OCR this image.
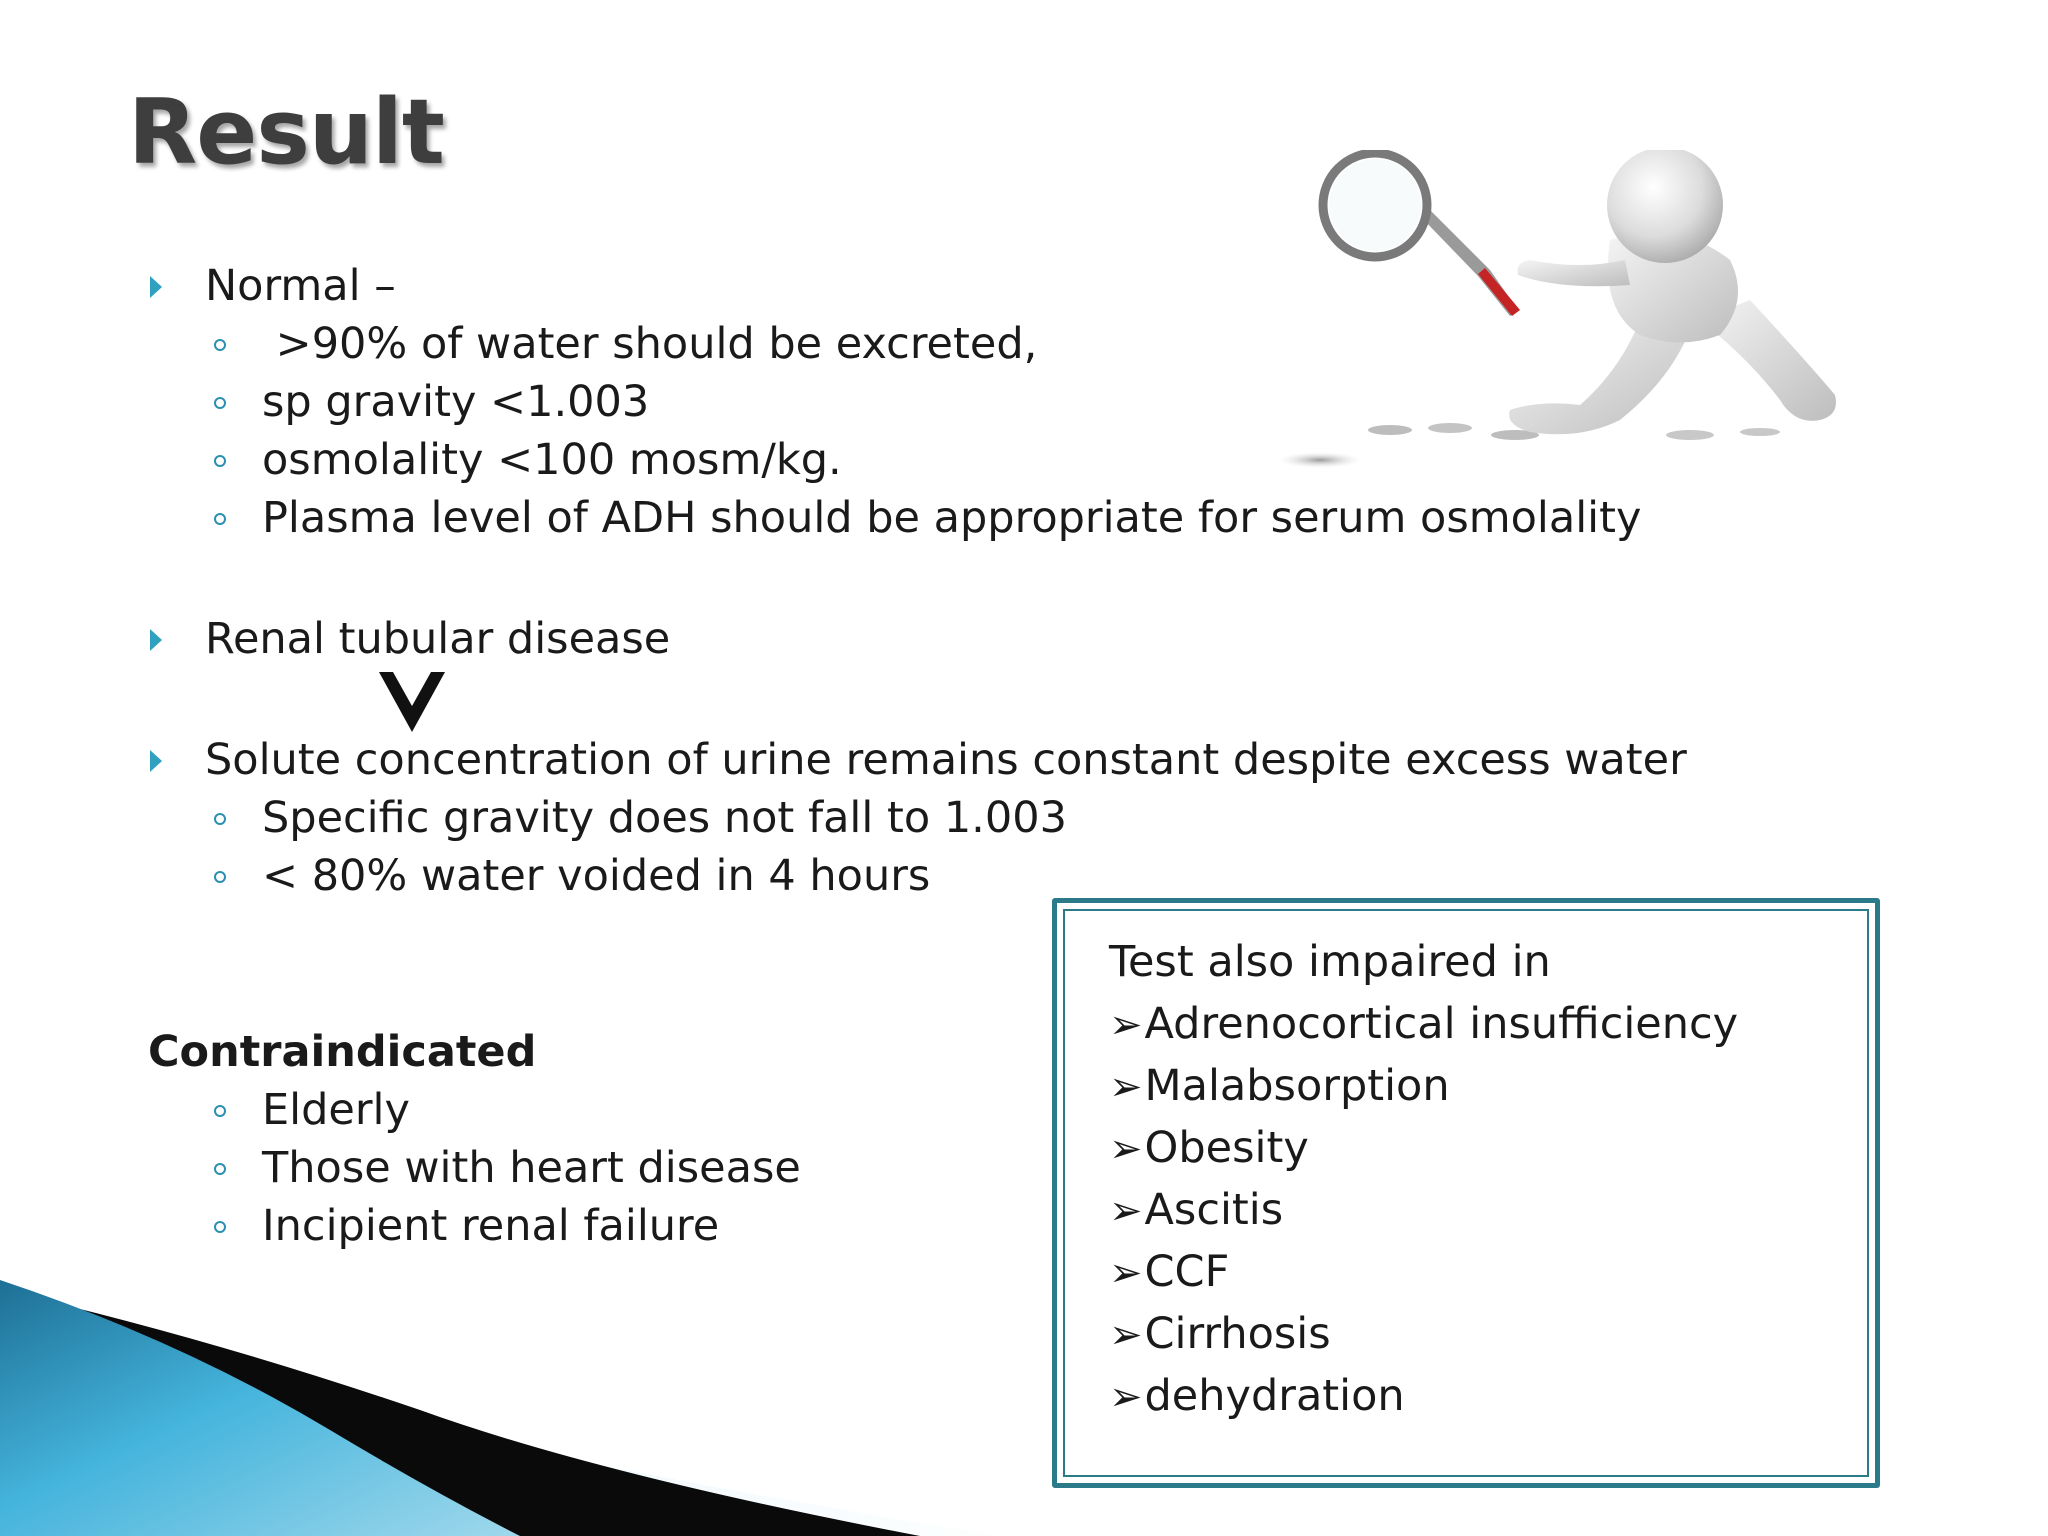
Result
Normal –
>90% of water should be excreted,
sp gravity <1.003
osmolality <100 mosm/kg.
Plasma level of ADH should be appropriate for serum osmolality
Renal tubular disease
Solute concentration of urine remains constant despite excess water
Specific gravity does not fall to 1.003
< 80% water voided in 4 hours
Contraindicated
Elderly
Those with heart disease
Incipient renal failure
Test also impaired in
➢Adrenocortical insufficiency
➢Malabsorption
➢Obesity
➢Ascitis
➢CCF
➢Cirrhosis
➢dehydration
